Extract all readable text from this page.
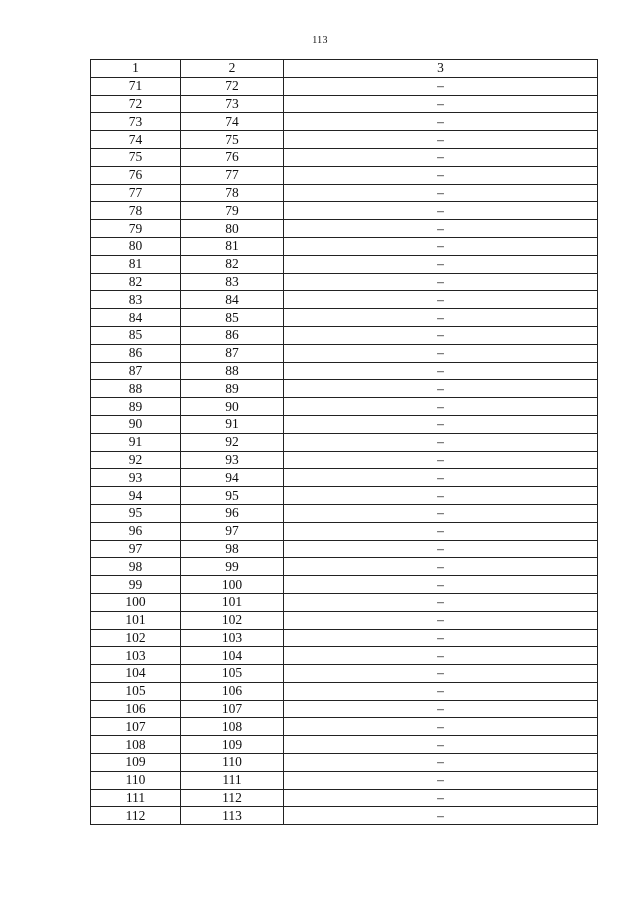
113
1	2	3
71	72	–
72	73	–
73	74	–
74	75	–
75	76	–
76	77	–
77	78	–
78	79	–
79	80	–
80	81	–
81	82	–
82	83	–
83	84	–
84	85	–
85	86	–
86	87	–
87	88	–
88	89	–
89	90	–
90	91	–
91	92	–
92	93	–
93	94	–
94	95	–
95	96	–
96	97	–
97	98	–
98	99	–
99	100	–
100	101	–
101	102	–
102	103	–
103	104	–
104	105	–
105	106	–
106	107	–
107	108	–
108	109	–
109	110	–
110	111	–
111	112	–
112	113	–
